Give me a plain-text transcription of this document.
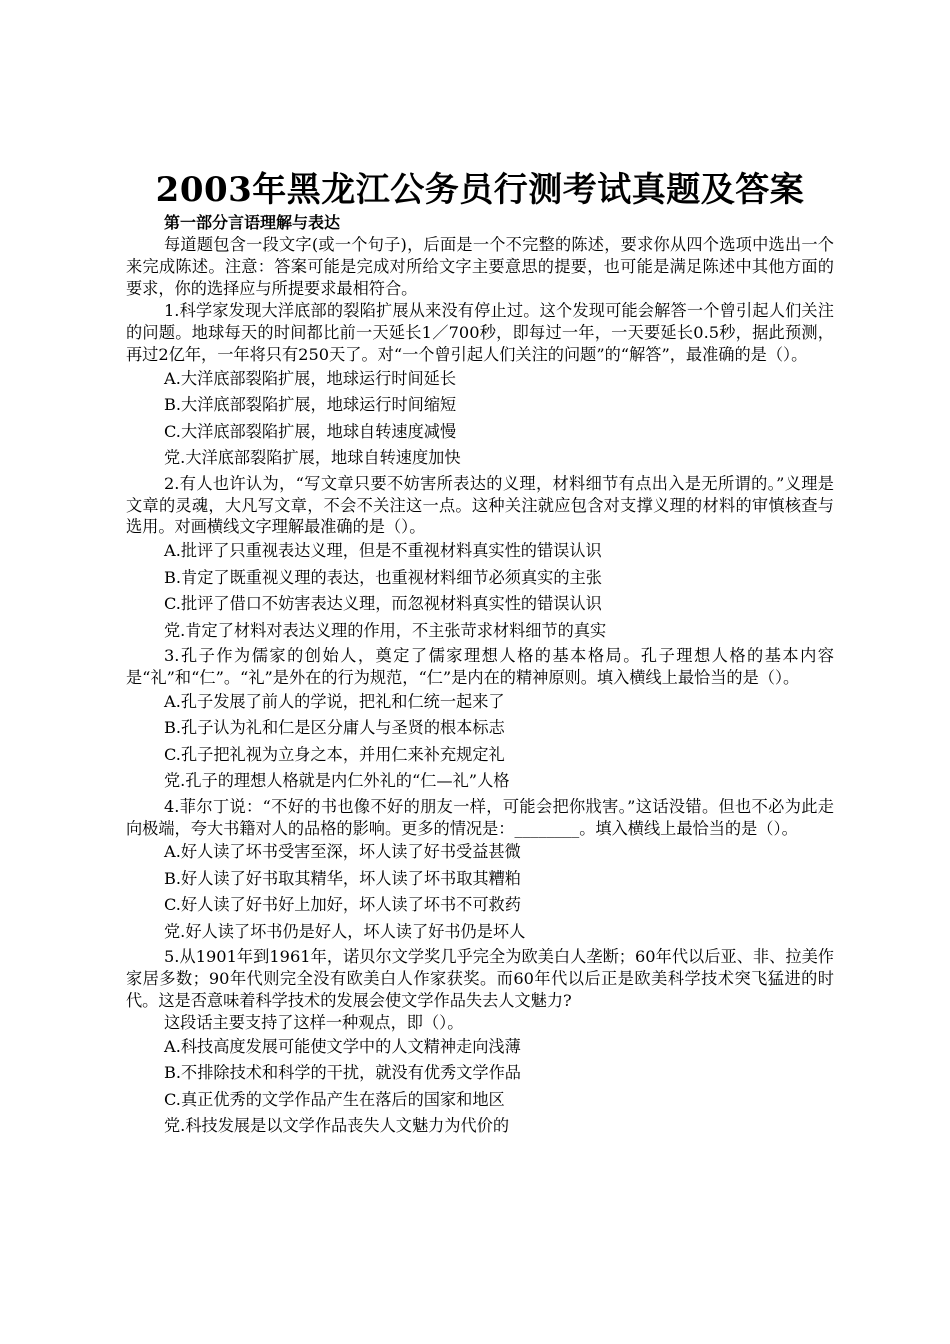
2003年黑龙江公务员行测考试真题及答案
第一部分言语理解与表达

每道题包含一段文字(或一个句子)，后面是一个不完整的陈述，要求你从四个选项中选出一个来完成陈述。注意：答案可能是完成对所给文字主要意思的提要，也可能是满足陈述中其他方面的要求，你的选择应与所提要求最相符合。

1.科学家发现大洋底部的裂陷扩展从来没有停止过。这个发现可能会解答一个曾引起人们关注的问题。地球每天的时间都比前一天延长1／700秒，即每过一年，一天要延长0.5秒，据此预测，再过2亿年，一年将只有250天了。对“一个曾引起人们关注的问题”的“解答”，最准确的是（）。

A.大洋底部裂陷扩展，地球运行时间延长
B.大洋底部裂陷扩展，地球运行时间缩短
C.大洋底部裂陷扩展，地球自转速度减慢
党.大洋底部裂陷扩展，地球自转速度加快

2.有人也许认为，“写文章只要不妨害所表达的义理，材料细节有点出入是无所谓的。”义理是文章的灵魂，大凡写文章，不会不关注这一点。这种关注就应包含对支撑义理的材料的审慎核查与选用。对画横线文字理解最准确的是（）。

A.批评了只重视表达义理，但是不重视材料真实性的错误认识
B.肯定了既重视义理的表达，也重视材料细节必须真实的主张
C.批评了借口不妨害表达义理，而忽视材料真实性的错误认识
党.肯定了材料对表达义理的作用，不主张苛求材料细节的真实

3.孔子作为儒家的创始人，奠定了儒家理想人格的基本格局。孔子理想人格的基本内容是“礼”和“仁”。“礼”是外在的行为规范，“仁”是内在的精神原则。填入横线上最恰当的是（）。

A.孔子发展了前人的学说，把礼和仁统一起来了
B.孔子认为礼和仁是区分庸人与圣贤的根本标志
C.孔子把礼视为立身之本，并用仁来补充规定礼
党.孔子的理想人格就是内仁外礼的“仁—礼”人格

4.菲尔丁说：“不好的书也像不好的朋友一样，可能会把你戕害。”这话没错。但也不必为此走向极端，夸大书籍对人的品格的影响。更多的情况是：________。填入横线上最恰当的是（）。

A.好人读了坏书受害至深，坏人读了好书受益甚微
B.好人读了好书取其精华，坏人读了坏书取其糟粕
C.好人读了好书好上加好，坏人读了坏书不可救药
党.好人读了坏书仍是好人，坏人读了好书仍是坏人

5.从1901年到1961年，诺贝尔文学奖几乎完全为欧美白人垄断；60年代以后亚、非、拉美作家居多数；90年代则完全没有欧美白人作家获奖。而60年代以后正是欧美科学技术突飞猛进的时代。这是否意味着科学技术的发展会使文学作品失去人文魅力?

这段话主要支持了这样一种观点，即（）。

A.科技高度发展可能使文学中的人文精神走向浅薄
B.不排除技术和科学的干扰，就没有优秀文学作品
C.真正优秀的文学作品产生在落后的国家和地区
党.科技发展是以文学作品丧失人文魅力为代价的
